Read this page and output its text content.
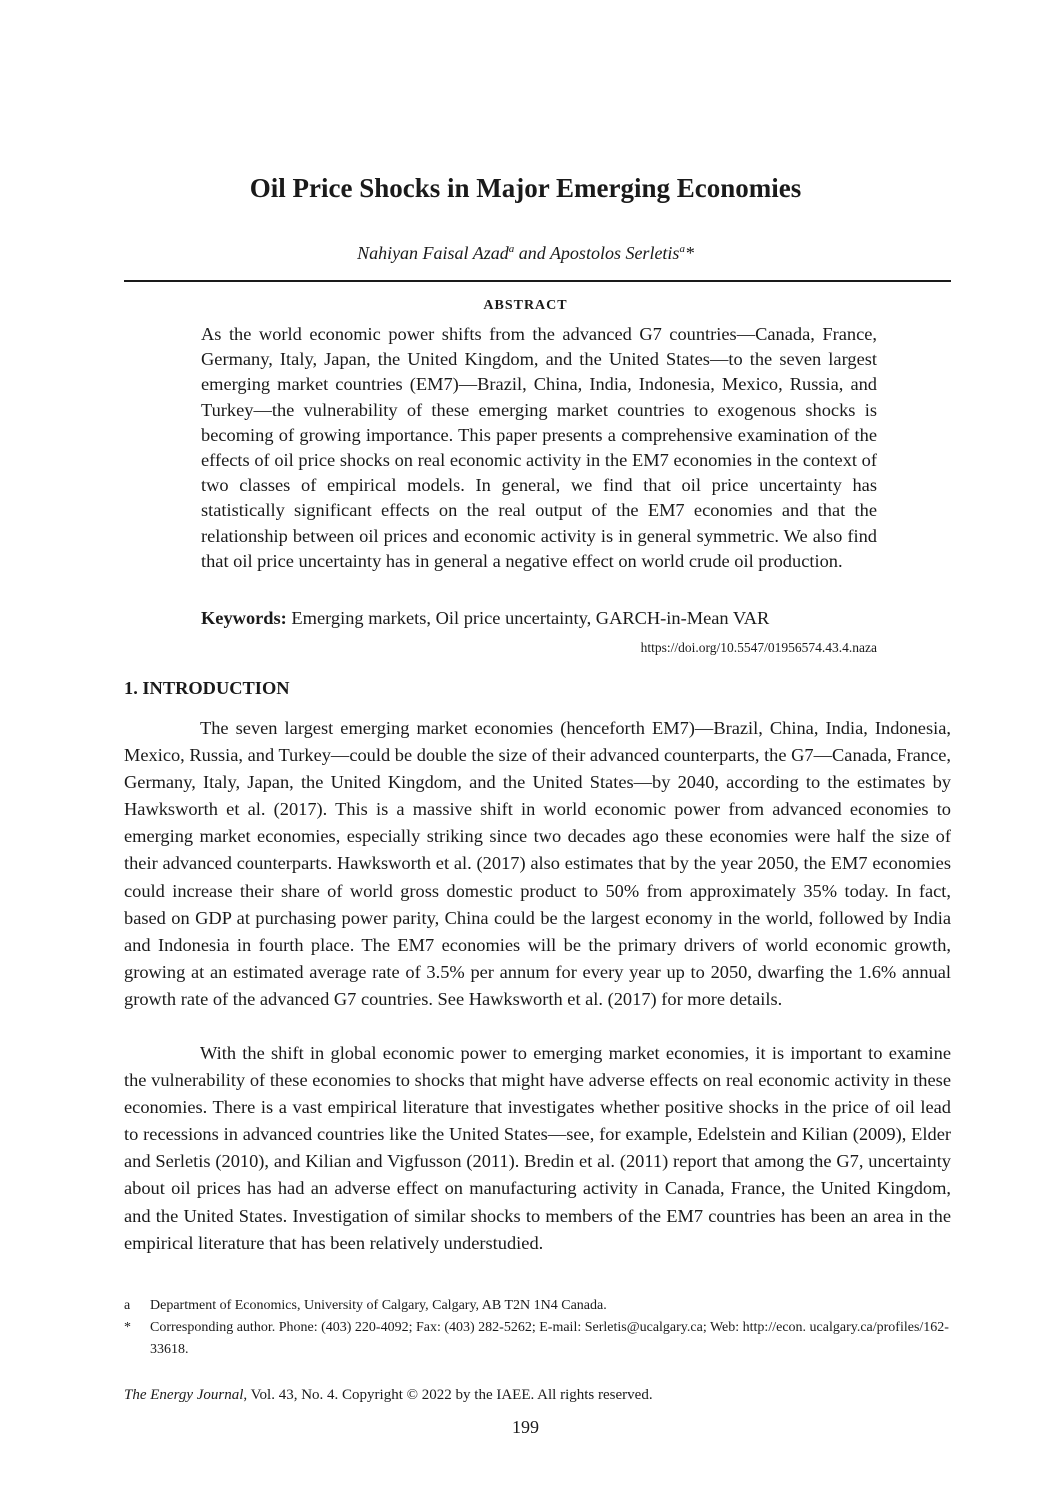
Oil Price Shocks in Major Emerging Economies

Nahiyan Faisal Azad$^a$ and Apostolos Serletis$^a$*

ABSTRACT

As the world economic power shifts from the advanced G7 countries—Canada, France, Germany, Italy, Japan, the United Kingdom, and the United States—to the seven largest emerging market countries (EM7)—Brazil, China, India, Indonesia, Mexico, Russia, and Turkey—the vulnerability of these emerging market countries to exogenous shocks is becoming of growing importance. This paper presents a comprehensive examination of the effects of oil price shocks on real economic activity in the EM7 economies in the context of two classes of empirical models. In general, we find that oil price uncertainty has statistically significant effects on the real output of the EM7 economies and that the relationship between oil prices and economic activity is in general symmetric. We also find that oil price uncertainty has in general a negative effect on world crude oil production.

Keywords: Emerging markets, Oil price uncertainty, GARCH-in-Mean VAR

https://doi.org/10.5547/01956574.43.4.naza

1. INTRODUCTION

The seven largest emerging market economies (henceforth EM7)—Brazil, China, India, Indonesia, Mexico, Russia, and Turkey—could be double the size of their advanced counterparts, the G7—Canada, France, Germany, Italy, Japan, the United Kingdom, and the United States—by 2040, according to the estimates by Hawksworth et al. (2017). This is a massive shift in world economic power from advanced economies to emerging market economies, especially striking since two decades ago these economies were half the size of their advanced counterparts. Hawksworth et al. (2017) also estimates that by the year 2050, the EM7 economies could increase their share of world gross domestic product to 50% from approximately 35% today. In fact, based on GDP at purchasing power parity, China could be the largest economy in the world, followed by India and Indonesia in fourth place. The EM7 economies will be the primary drivers of world economic growth, growing at an estimated average rate of 3.5% per annum for every year up to 2050, dwarfing the 1.6% annual growth rate of the advanced G7 countries. See Hawksworth et al. (2017) for more details.

With the shift in global economic power to emerging market economies, it is important to examine the vulnerability of these economies to shocks that might have adverse effects on real economic activity in these economies. There is a vast empirical literature that investigates whether positive shocks in the price of oil lead to recessions in advanced countries like the United States—see, for example, Edelstein and Kilian (2009), Elder and Serletis (2010), and Kilian and Vigfusson (2011). Bredin et al. (2011) report that among the G7, uncertainty about oil prices has had an adverse effect on manufacturing activity in Canada, France, the United Kingdom, and the United States. Investigation of similar shocks to members of the EM7 countries has been an area in the empirical literature that has been relatively understudied.

a	Department of Economics, University of Calgary, Calgary, AB T2N 1N4 Canada.
*	Corresponding author. Phone: (403) 220-4092; Fax: (403) 282-5262; E-mail: Serletis@ucalgary.ca; Web: http://econ. ucalgary.ca/profiles/162-33618.

The Energy Journal, Vol. 43, No. 4. Copyright © 2022 by the IAEE. All rights reserved.

199
